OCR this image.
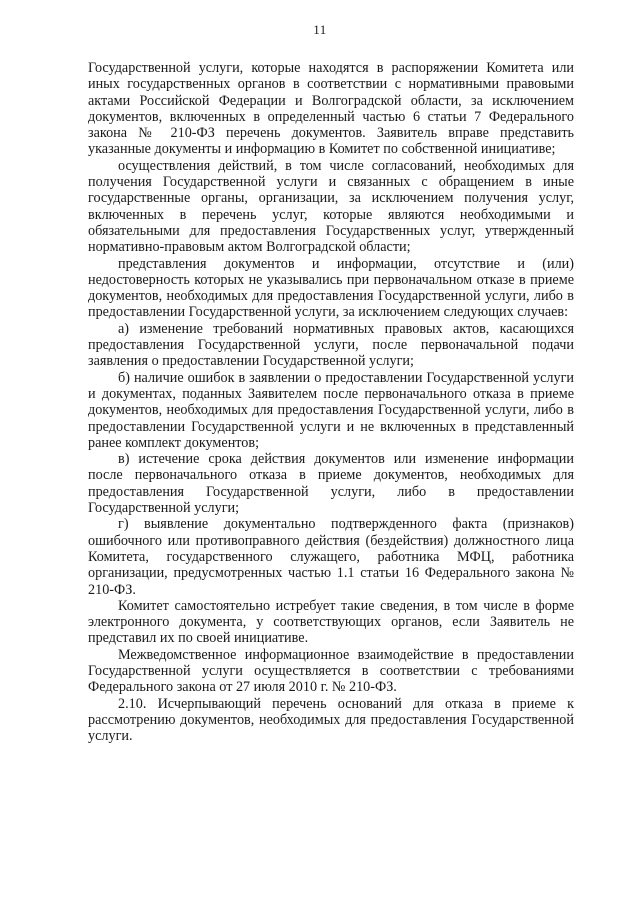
11

Государственной услуги, которые находятся в распоряжении Комитета или иных государственных органов в соответствии с нормативными правовыми актами Российской Федерации и Волгоградской области, за исключением документов, включенных в определенный частью 6 статьи 7 Федерального закона № 210-ФЗ перечень документов. Заявитель вправе представить указанные документы и информацию в Комитет по собственной инициативе;

осуществления действий, в том числе согласований, необходимых для получения Государственной услуги и связанных с обращением в иные государственные органы, организации, за исключением получения услуг, включенных в перечень услуг, которые являются необходимыми и обязательными для предоставления Государственных услуг, утвержденный нормативно-правовым актом Волгоградской области;

представления документов и информации, отсутствие и (или) недостоверность которых не указывались при первоначальном отказе в приеме документов, необходимых для предоставления Государственной услуги, либо в предоставлении Государственной услуги, за исключением следующих случаев:

а) изменение требований нормативных правовых актов, касающихся предоставления Государственной услуги, после первоначальной подачи заявления о предоставлении Государственной услуги;

б) наличие ошибок в заявлении о предоставлении Государственной услуги и документах, поданных Заявителем после первоначального отказа в приеме документов, необходимых для предоставления Государственной услуги, либо в предоставлении Государственной услуги и не включенных в представленный ранее комплект документов;

в) истечение срока действия документов или изменение информации после первоначального отказа в приеме документов, необходимых для предоставления Государственной услуги, либо в предоставлении Государственной услуги;

г) выявление документально подтвержденного факта (признаков) ошибочного или противоправного действия (бездействия) должностного лица Комитета, государственного служащего, работника МФЦ, работника организации, предусмотренных частью 1.1 статьи 16 Федерального закона № 210-ФЗ.

Комитет самостоятельно истребует такие сведения, в том числе в форме электронного документа, у соответствующих органов, если Заявитель не представил их по своей инициативе.

Межведомственное информационное взаимодействие в предоставлении Государственной услуги осуществляется в соответствии с требованиями Федерального закона от 27 июля 2010 г. № 210-ФЗ.

2.10. Исчерпывающий перечень оснований для отказа в приеме к рассмотрению документов, необходимых для предоставления Государственной услуги.
